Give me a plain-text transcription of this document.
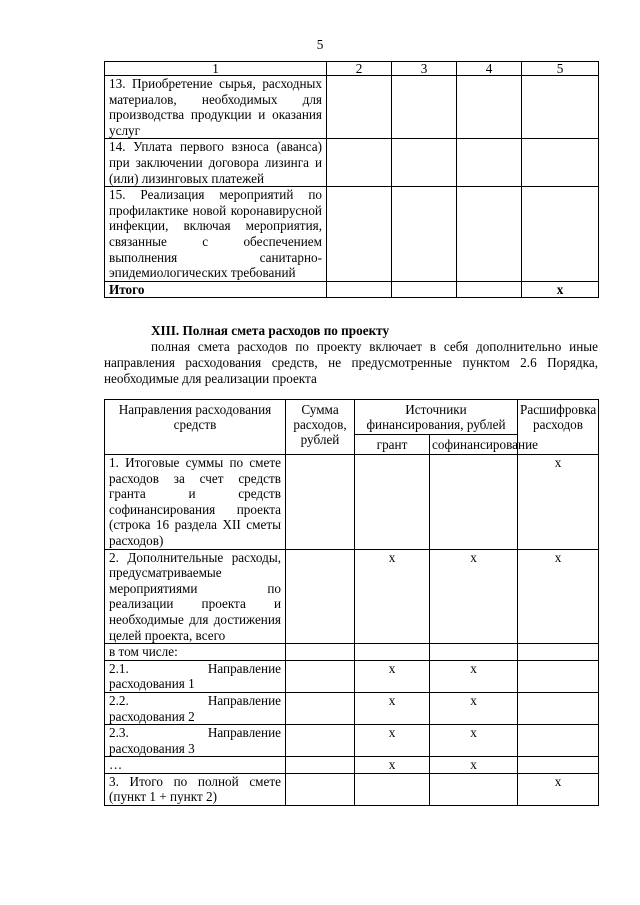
5
1	2	3	4	5
13. Приобретение сырья, расходных материалов, необходимых для производства продукции и оказания услуг				
14. Уплата первого взноса (аванса) при заключении договора лизинга и (или) лизинговых платежей				
15. Реализация мероприятий по профилактике новой коронавирусной инфекции, включая мероприятия, связанные с обеспечением выполнения санитарно-эпидемиологических требований				
Итого				x

XIII. Полная смета расходов по проекту

полная смета расходов по проекту включает в себя дополнительно иные направления расходования средств, не предусмотренные пунктом 2.6 Порядка, необходимые для реализации проекта

Направления расходования средств	Сумма расходов, рублей	Источники финансирования, рублей		Расшифровка расходов
		грант	софинансирование	
1. Итоговые суммы по смете расходов за счет средств гранта и средств софинансирования проекта (строка 16 раздела XII сметы расходов)				x
2. Дополнительные расходы, предусматриваемые мероприятиями по реализации проекта и необходимые для достижения целей проекта, всего		x	x	x
в том числе:				
2.1. Направление расходования 1		x	x	
2.2. Направление расходования 2		x	x	
2.3. Направление расходования 3		x	x	
…		x	x	
3. Итого по полной смете (пункт 1 + пункт 2)				x
